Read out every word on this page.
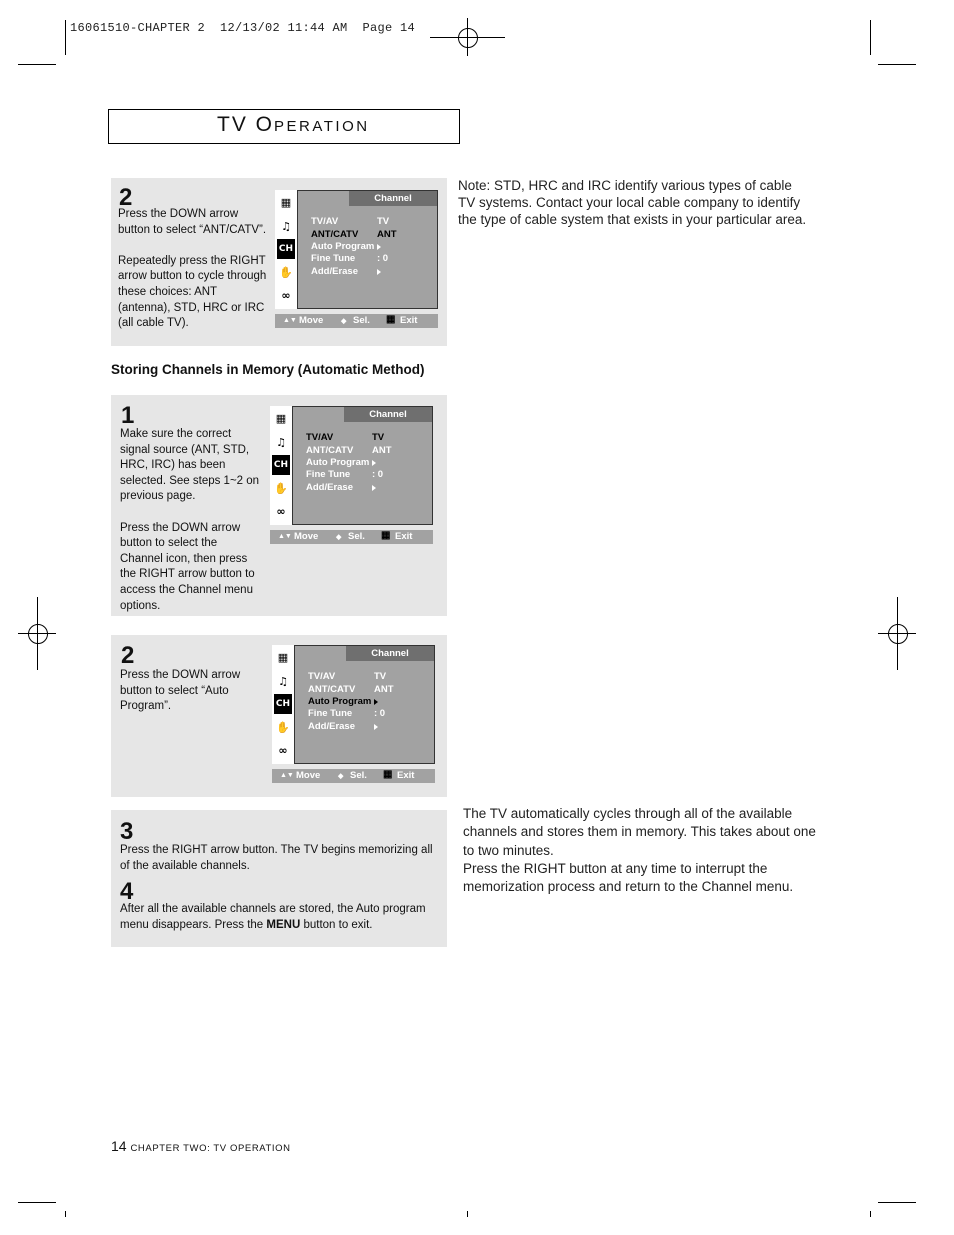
16061510-CHAPTER 2  12/13/02 11:44 AM  Page 14
TV OPERATION
2

Press the DOWN arrow button to select “ANT/CATV”.

Repeatedly press the RIGHT arrow button to cycle through these choices: ANT (antenna), STD, HRC or IRC (all cable TV).

▦
♫
CH
✋
∞
Channel
TV/AV	TV
ANT/CATV ANT
Auto Program
Fine Tune : 0
Add/Erase
▲▼ Move	◆ Sel. ▦ Exit

Note: STD, HRC and IRC identify various types of cable TV systems. Contact your local cable company to identify the type of cable system that exists in your particular area.

Storing Channels in Memory (Automatic Method)
1

Make sure the correct signal source (ANT, STD, HRC, IRC) has been selected. See steps 1~2 on previous page.

Press the DOWN arrow button to select the Channel icon, then press the RIGHT arrow button to access the Channel menu options.

▦
♫
CH
✋
∞
Channel
TV/AV	TV
ANT/CATV ANT
Auto Program
Fine Tune : 0
Add/Erase
▲▼ Move	◆ Sel. ▦ Exit
2

Press the DOWN arrow button to select “Auto Program”.

▦
♫
CH
✋
∞
Channel
TV/AV	TV
ANT/CATV ANT
Auto Program
Fine Tune : 0
Add/Erase
▲▼ Move	◆ Sel. ▦ Exit
3

Press the RIGHT arrow button. The TV begins memorizing all of the available channels.

4

After all the available channels are stored, the Auto program menu disappears. Press the MENU button to exit.

The TV automatically cycles through all of the available channels and stores them in memory. This takes about one to two minutes.

Press the RIGHT button at any time to interrupt the memorization process and return to the Channel menu.

14 CHAPTER TWO: TV OPERATION
